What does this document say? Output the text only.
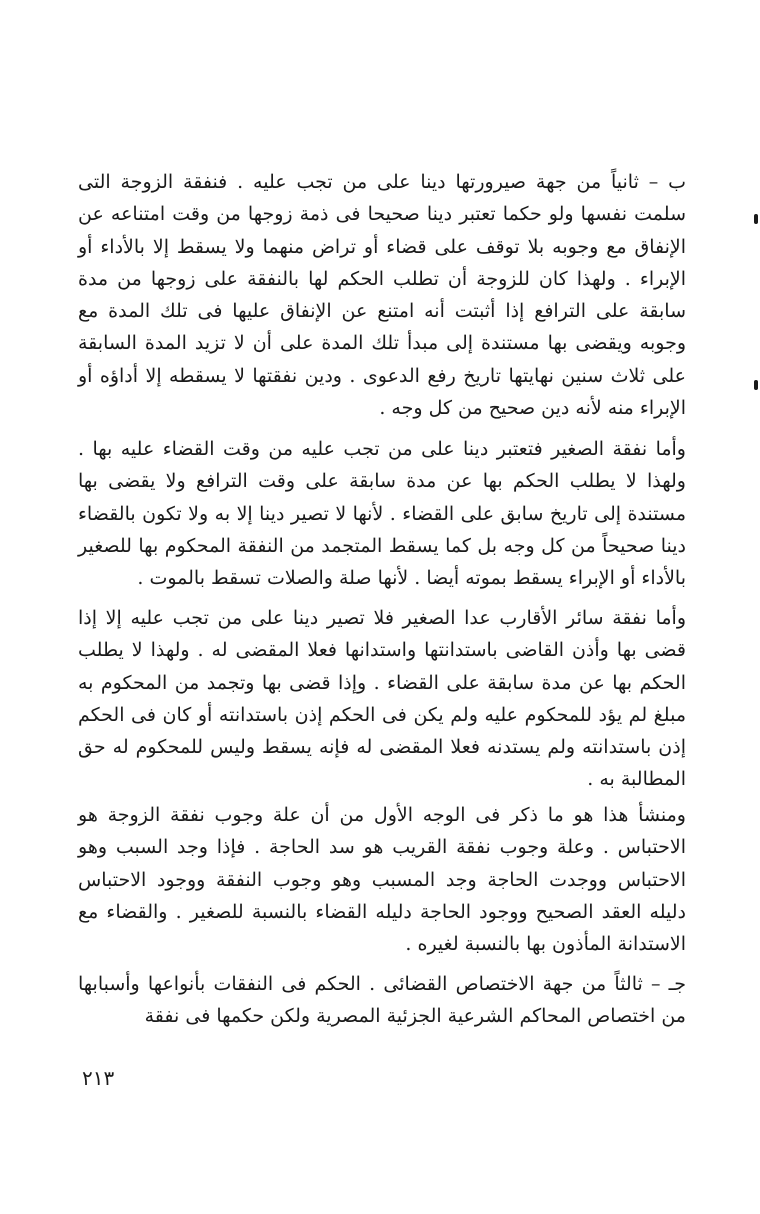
ب – ثانياً من جهة صيرورتها دينا على من تجب عليه . فنفقة الزوجة التى سلمت نفسها ولو حكما تعتبر دينا صحيحا فى ذمة زوجها من وقت امتناعه عن الإنفاق مع وجوبه بلا توقف على قضاء أو تراض منهما ولا يسقط إلا بالأداء أو الإبراء . ولهذا كان للزوجة أن تطلب الحكم لها بالنفقة على زوجها من مدة سابقة على الترافع إذا أثبتت أنه امتنع عن الإنفاق عليها فى تلك المدة مع وجوبه ويقضى بها مستندة إلى مبدأ تلك المدة على أن لا تزيد المدة السابقة على ثلاث سنين نهايتها تاريخ رفع الدعوى . ودين نفقتها لا يسقطه إلا أداؤه أو الإبراء منه لأنه دين صحيح من كل وجه .

وأما نفقة الصغير فتعتبر دينا على من تجب عليه من وقت القضاء عليه بها . ولهذا لا يطلب الحكم بها عن مدة سابقة على وقت الترافع ولا يقضى بها مستندة إلى تاريخ سابق على القضاء . لأنها لا تصير دينا إلا به ولا تكون بالقضاء دينا صحيحاً من كل وجه بل كما يسقط المتجمد من النفقة المحكوم بها للصغير بالأداء أو الإبراء يسقط بموته أيضا . لأنها صلة والصلات تسقط بالموت .

وأما نفقة سائر الأقارب عدا الصغير فلا تصير دينا على من تجب عليه إلا إذا قضى بها وأذن القاضى باستدانتها واستدانها فعلا المقضى له . ولهذا لا يطلب الحكم بها عن مدة سابقة على القضاء . وإذا قضى بها وتجمد من المحكوم به مبلغ لم يؤد للمحكوم عليه ولم يكن فى الحكم إذن باستدانته أو كان فى الحكم إذن باستدانته ولم يستدنه فعلا المقضى له فإنه يسقط وليس للمحكوم له حق المطالبة به .

ومنشأ هذا هو ما ذكر فى الوجه الأول من أن علة وجوب نفقة الزوجة هو الاحتباس . وعلة وجوب نفقة القريب هو سد الحاجة . فإذا وجد السبب وهو الاحتباس ووجدت الحاجة وجد المسبب وهو وجوب النفقة ووجود الاحتباس دليله العقد الصحيح ووجود الحاجة دليله القضاء بالنسبة للصغير . والقضاء مع الاستدانة المأذون بها بالنسبة لغيره .

جـ – ثالثاً من جهة الاختصاص القضائى . الحكم فى النفقات بأنواعها وأسبابها من اختصاص المحاكم الشرعية الجزئية المصرية ولكن حكمها فى نفقة

٢١٣
